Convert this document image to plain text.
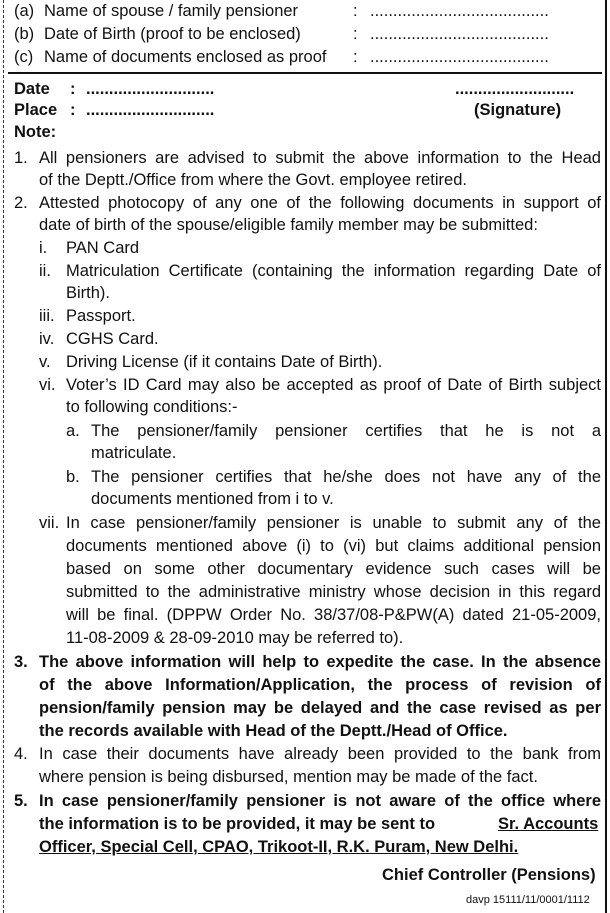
(a) Name of spouse / family pensioner	: .......................................
(b) Date of Birth (proof to be enclosed)	: .......................................
(c) Name of documents enclosed as proof : .......................................
Date : ............................	..........................
Place : ............................	(Signature)
Note:
1. All pensioners are advised to submit the above information to the Head
of the Deptt./Office from where the Govt. employee retired.
2. Attested photocopy of any one of the following documents in support of
date of birth of the spouse/eligible family member may be submitted:
i. PAN Card
ii. Matriculation Certificate (containing the information regarding Date of
Birth).
iii. Passport.
iv. CGHS Card.
v. Driving License (if it contains Date of Birth).
vi. Voter’s ID Card may also be accepted as proof of Date of Birth subject
to following conditions:-
a. The pensioner/family pensioner certifies that he is not a
matriculate.
b. The pensioner certifies that he/she does not have any of the
documents mentioned from i to v.
vii. In case pensioner/family pensioner is unable to submit any of the
documents mentioned above (i) to (vi) but claims additional pension
based on some other documentary evidence such cases will be
submitted to the administrative ministry whose decision in this regard
will be final. (DPPW Order No. 38/37/08-P&PW(A) dated 21-05-2009,
11-08-2009 & 28-09-2010 may be referred to).
3. The above information will help to expedite the case. In the absence
of the above Information/Application, the process of revision of
pension/family pension may be delayed and the case revised as per
the records available with Head of the Deptt./Head of Office.
4. In case their documents have already been provided to the bank from
where pension is being disbursed, mention may be made of the fact.
5. In case pensioner/family pensioner is not aware of the office where
the information is to be provided, it may be sent to	Sr. Accounts
Officer, Special Cell, CPAO, Trikoot-II, R.K. Puram, New Delhi.
Chief Controller (Pensions)
davp 15111/11/0001/1112
